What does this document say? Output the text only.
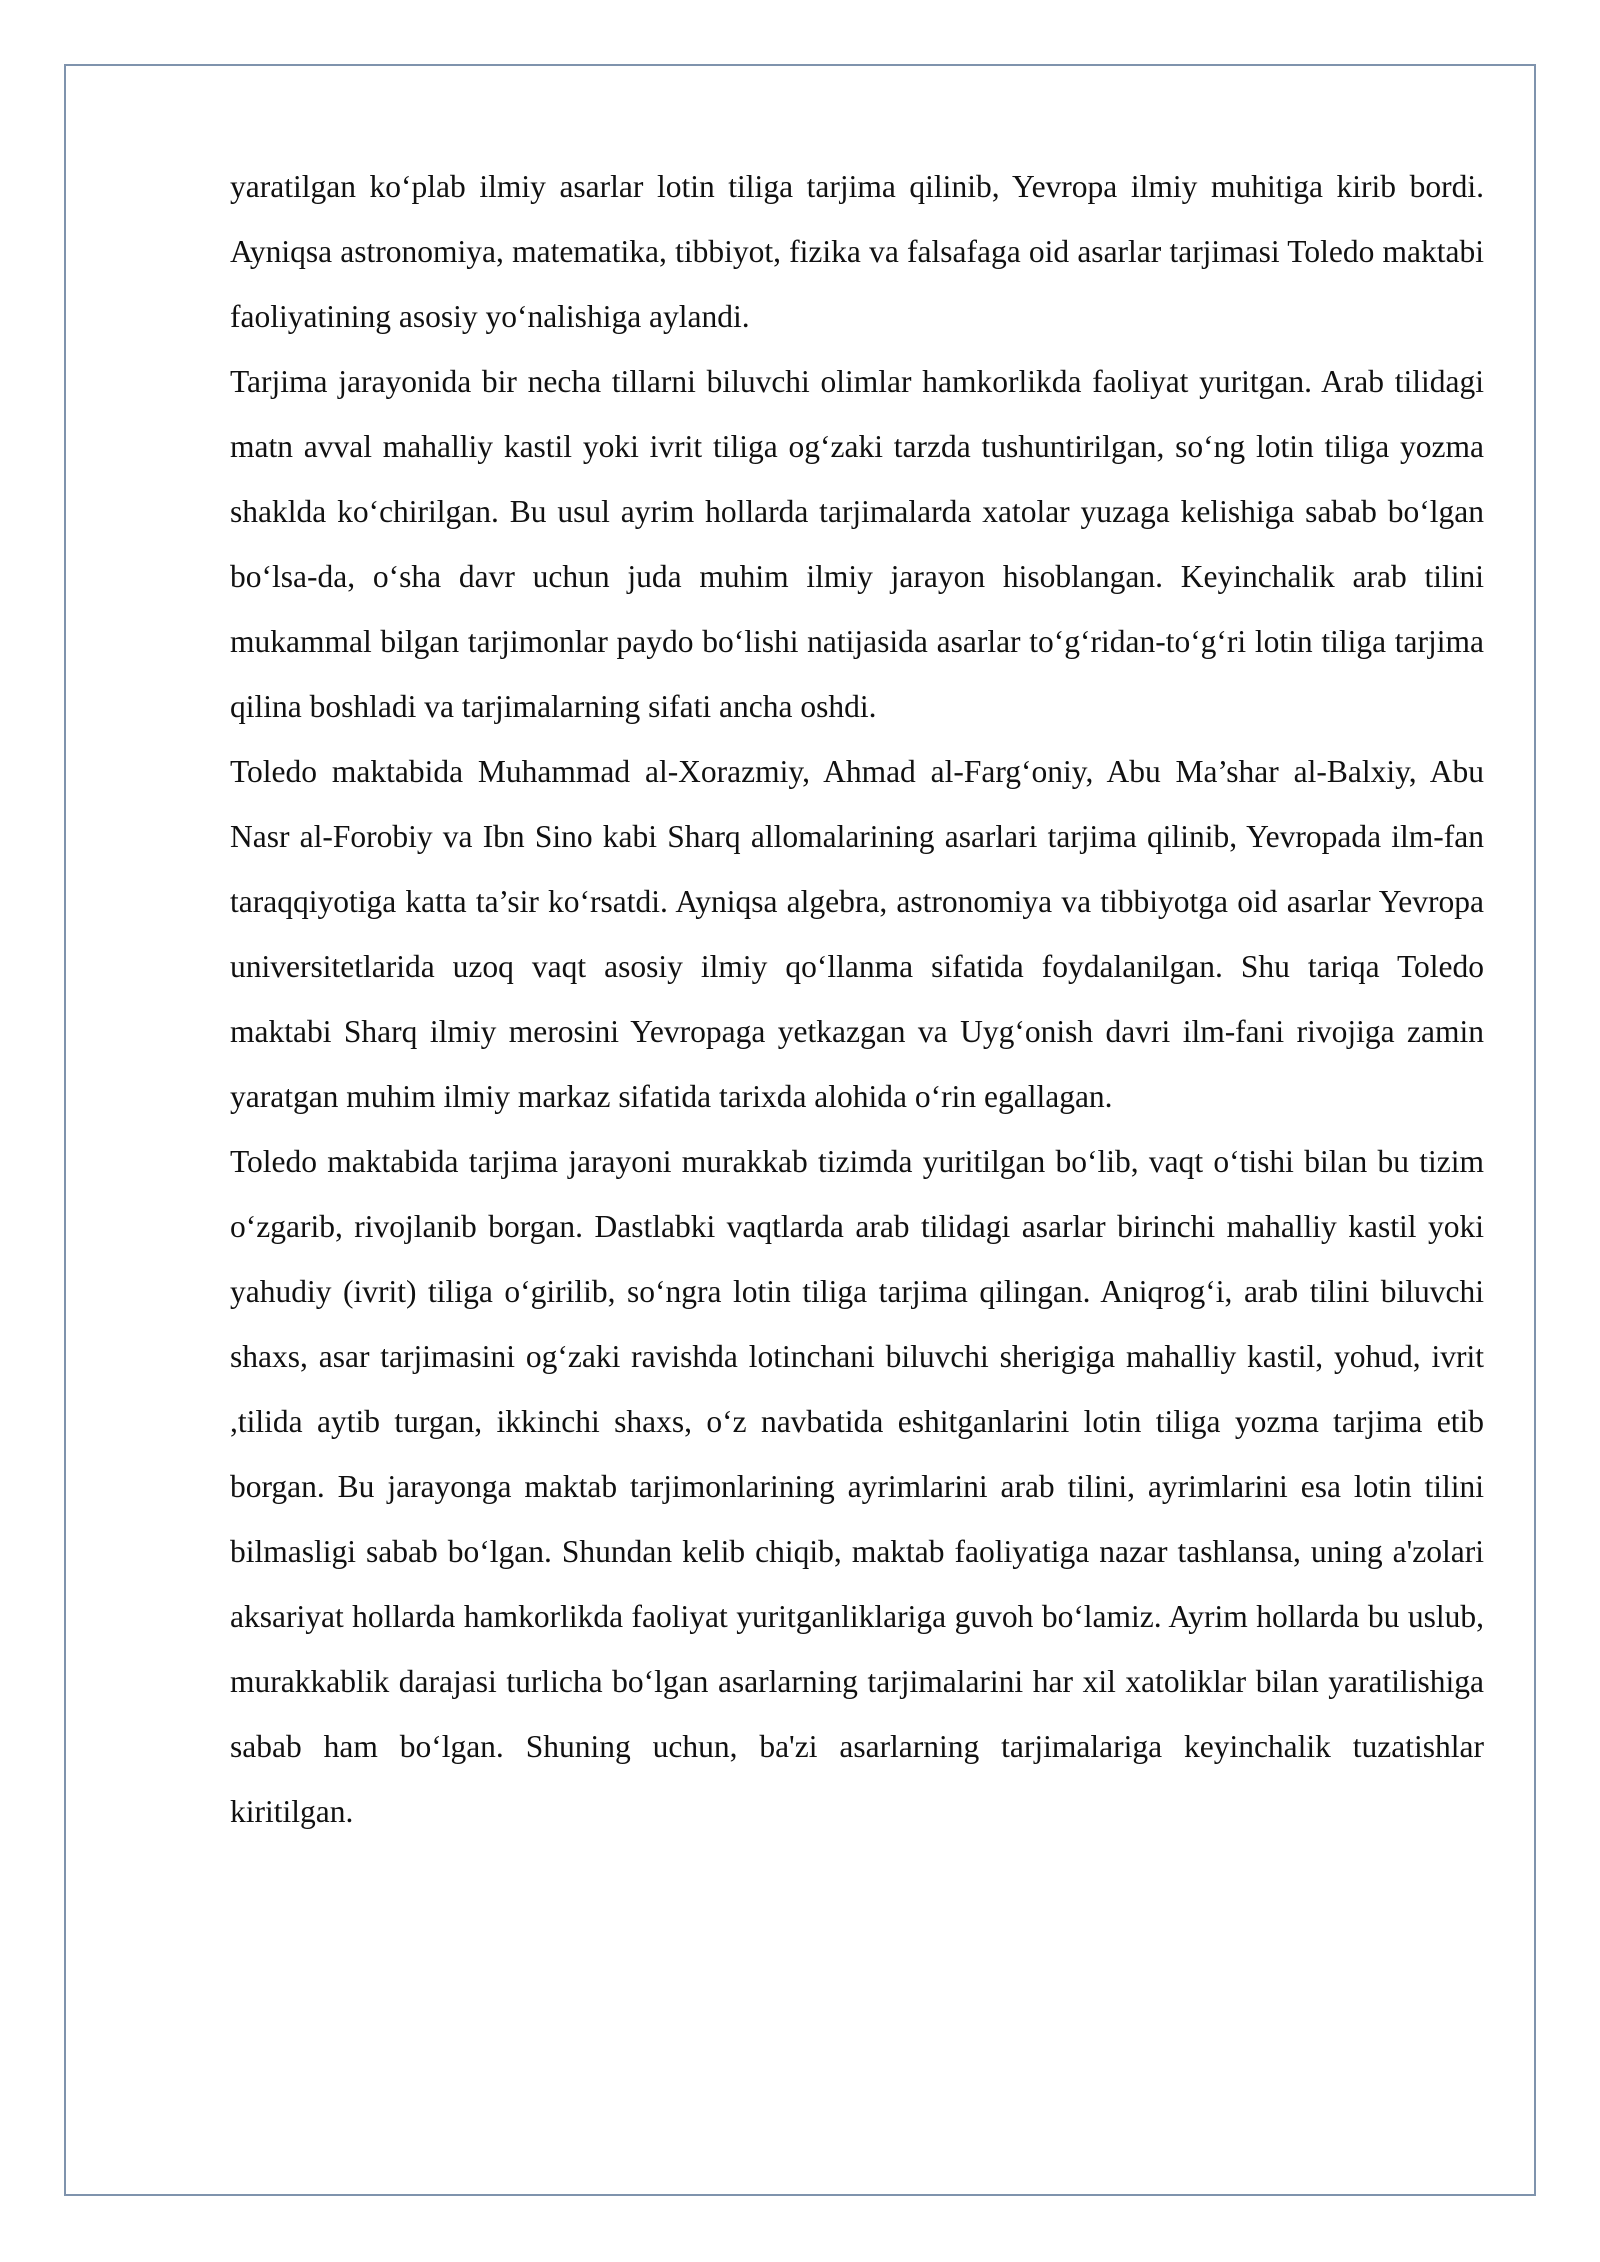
yaratilgan ko‘plab ilmiy asarlar lotin tiliga tarjima qilinib, Yevropa ilmiy muhitiga kirib bordi. Ayniqsa astronomiya, matematika, tibbiyot, fizika va falsafaga oid asarlar tarjimasi Toledo maktabi faoliyatining asosiy yo‘nalishiga aylandi.

Tarjima jarayonida bir necha tillarni biluvchi olimlar hamkorlikda faoliyat yuritgan. Arab tilidagi matn avval mahalliy kastil yoki ivrit tiliga og‘zaki tarzda tushuntirilgan, so‘ng lotin tiliga yozma shaklda ko‘chirilgan. Bu usul ayrim hollarda tarjimalarda xatolar yuzaga kelishiga sabab bo‘lgan bo‘lsa-da, o‘sha davr uchun juda muhim ilmiy jarayon hisoblangan. Keyinchalik arab tilini mukammal bilgan tarjimonlar paydo bo‘lishi natijasida asarlar to‘g‘ridan-to‘g‘ri lotin tiliga tarjima qilina boshladi va tarjimalarning sifati ancha oshdi.

Toledo maktabida Muhammad al-Xorazmiy, Ahmad al-Farg‘oniy, Abu Ma’shar al-Balxiy, Abu Nasr al-Forobiy va Ibn Sino kabi Sharq allomalarining asarlari tarjima qilinib, Yevropada ilm-fan taraqqiyotiga katta ta’sir ko‘rsatdi. Ayniqsa algebra, astronomiya va tibbiyotga oid asarlar Yevropa universitetlarida uzoq vaqt asosiy ilmiy qo‘llanma sifatida foydalanilgan. Shu tariqa Toledo maktabi Sharq ilmiy merosini Yevropaga yetkazgan va Uyg‘onish davri ilm-fani rivojiga zamin yaratgan muhim ilmiy markaz sifatida tarixda alohida o‘rin egallagan.

Toledo maktabida tarjima jarayoni murakkab tizimda yuritilgan bo‘lib, vaqt o‘tishi bilan bu tizim o‘zgarib, rivojlanib borgan. Dastlabki vaqtlarda arab tilidagi asarlar birinchi mahalliy kastil yoki yahudiy (ivrit) tiliga o‘girilib, so‘ngra lotin tiliga tarjima qilingan. Aniqrog‘i, arab tilini biluvchi shaxs, asar tarjimasini og‘zaki ravishda lotinchani biluvchi sherigiga mahalliy kastil, yohud, ivrit ,tilida aytib turgan, ikkinchi shaxs, o‘z navbatida eshitganlarini lotin tiliga yozma tarjima etib borgan. Bu jarayonga maktab tarjimonlarining ayrimlarini arab tilini, ayrimlarini esa lotin tilini bilmasligi sabab bo‘lgan. Shundan kelib chiqib, maktab faoliyatiga nazar tashlansa, uning a'zolari aksariyat hollarda hamkorlikda faoliyat yuritganliklariga guvoh bo‘lamiz. Ayrim hollarda bu uslub, murakkablik darajasi turlicha bo‘lgan asarlarning tarjimalarini har xil xatoliklar bilan yaratilishiga sabab ham bo‘lgan. Shuning uchun, ba'zi asarlarning tarjimalariga keyinchalik tuzatishlar kiritilgan.
